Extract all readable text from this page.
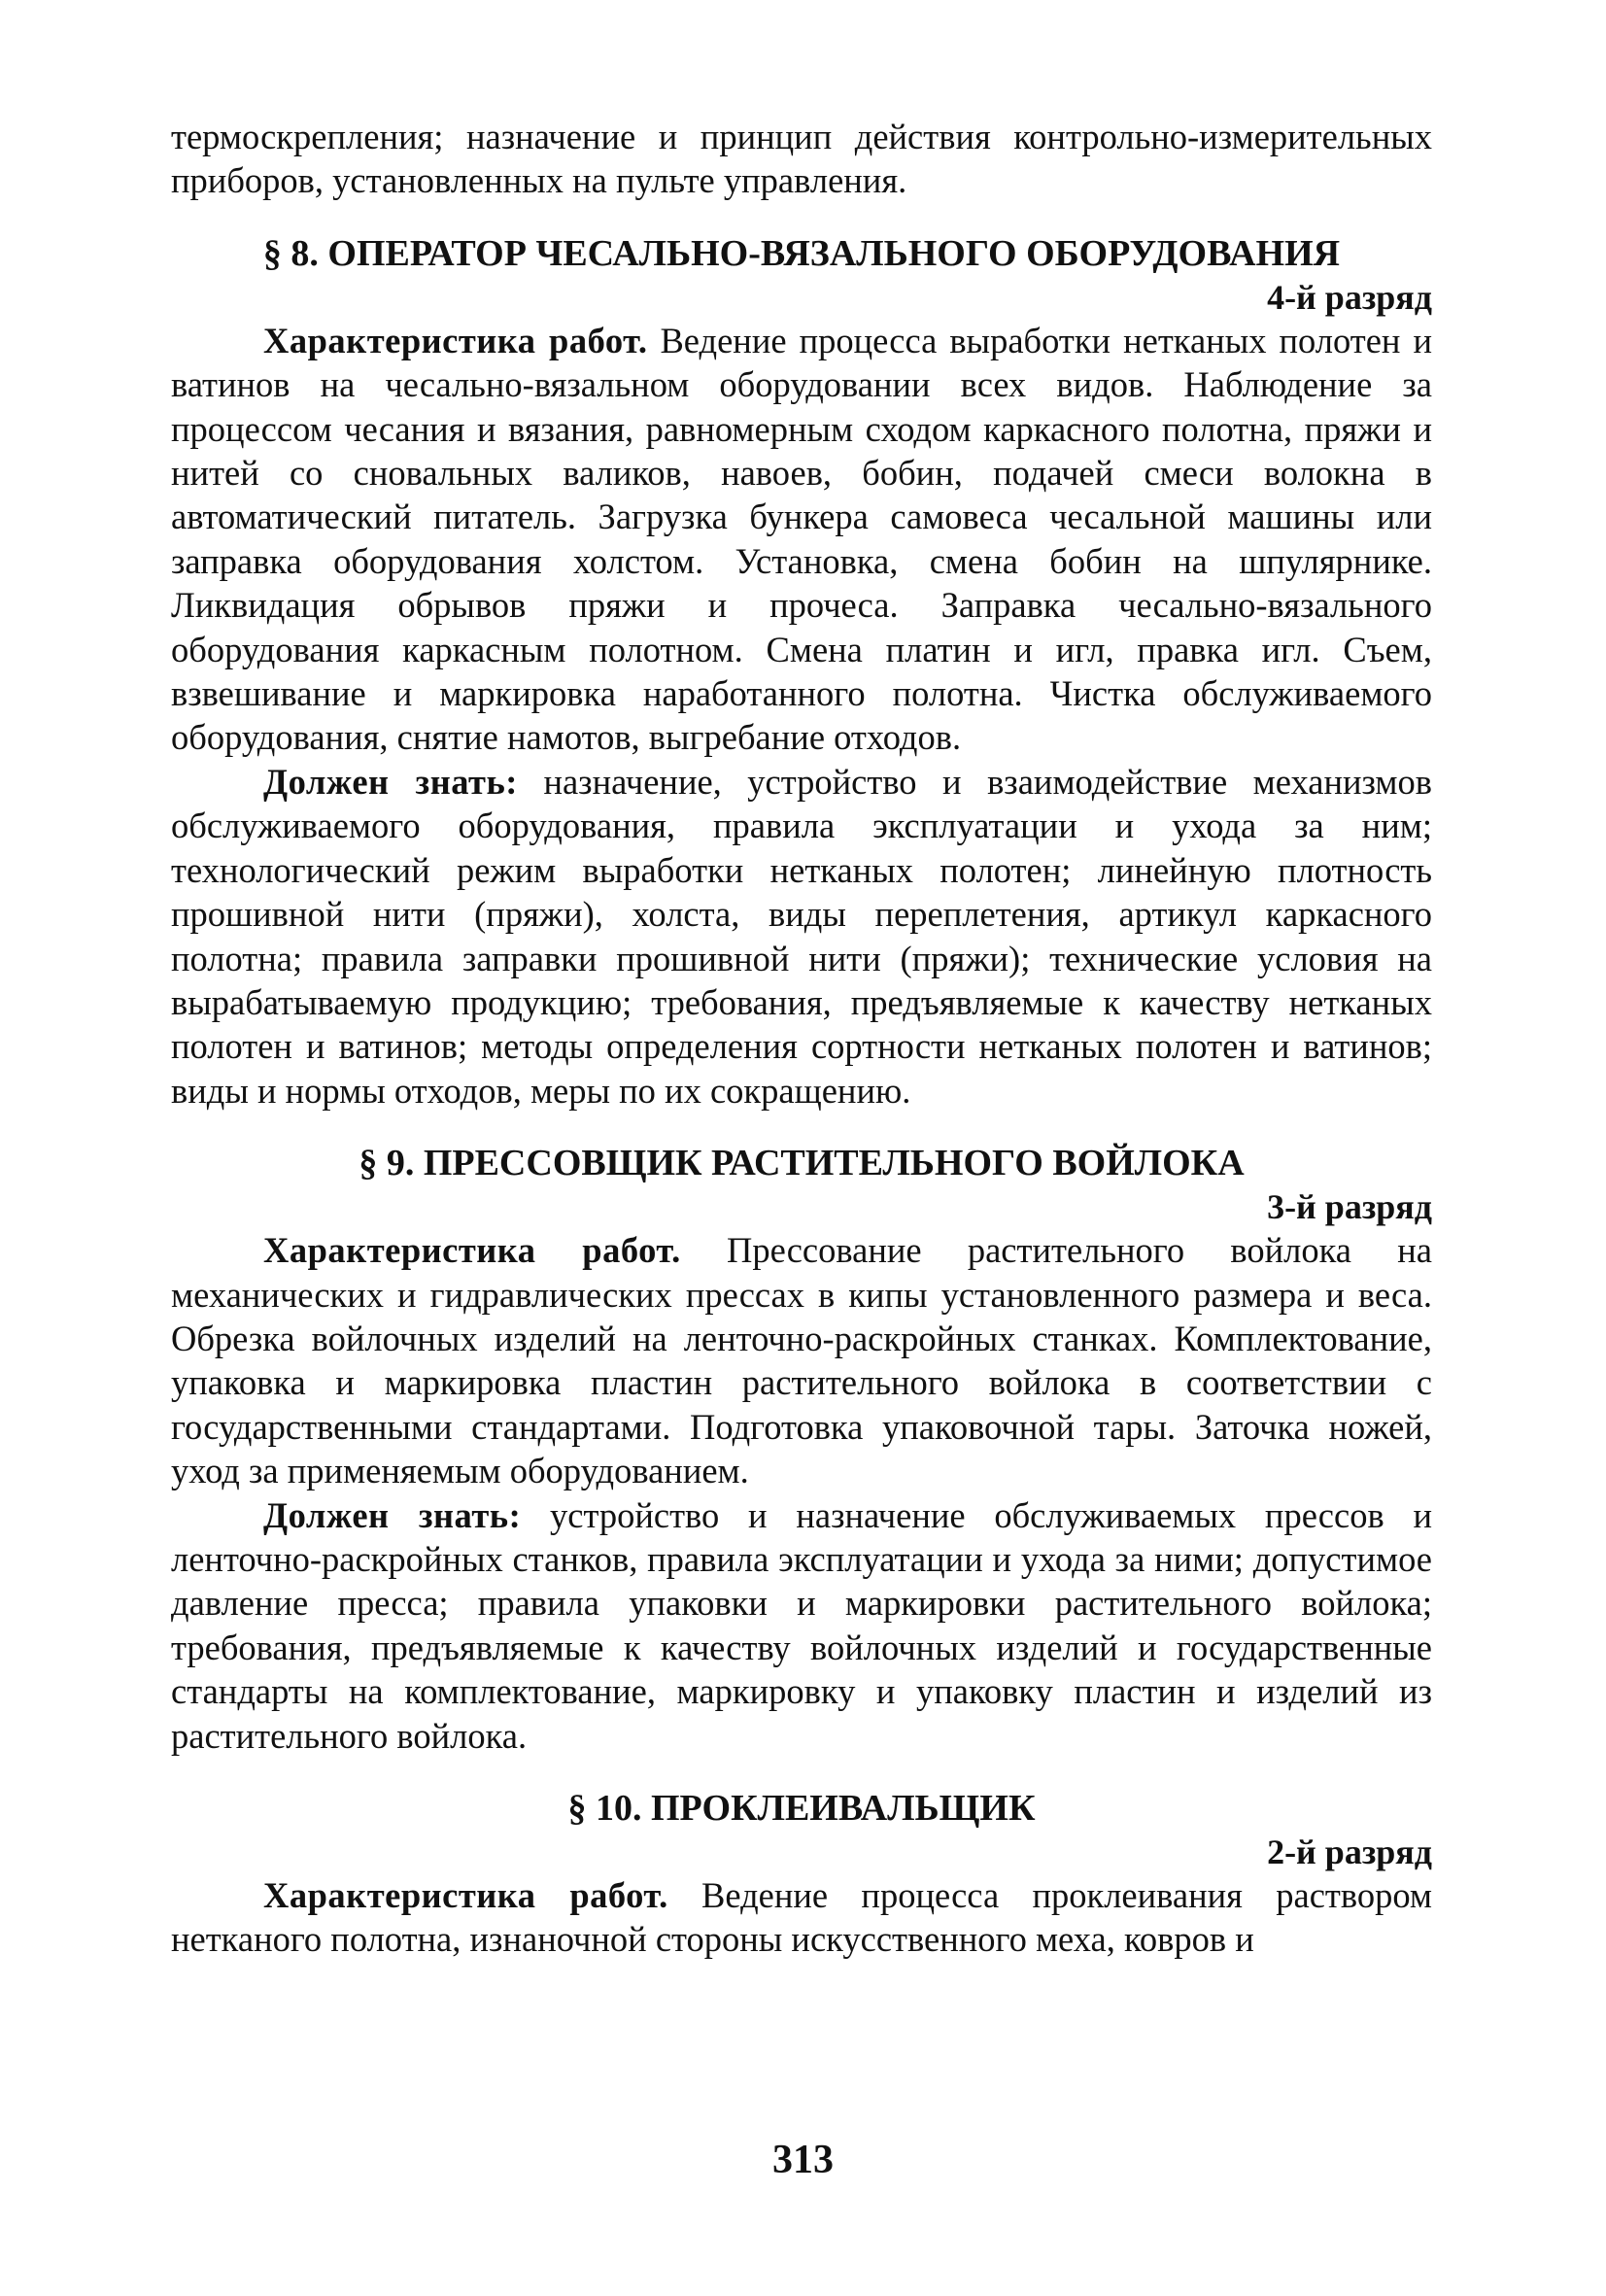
термоскрепления; назначение и принцип действия контрольно-измерительных приборов, установленных на пульте управления.

§ 8. ОПЕРАТОР ЧЕСАЛЬНО-ВЯЗАЛЬНОГО ОБОРУДОВАНИЯ

4-й разряд

Характеристика работ. Ведение процесса выработки нетканых полотен и ватинов на чесально-вязальном оборудовании всех видов. Наблюдение за процессом чесания и вязания, равномерным сходом каркасного полотна, пряжи и нитей со сновальных валиков, навоев, бобин, подачей смеси волокна в автоматический питатель. Загрузка бункера самовеса чесальной машины или заправка оборудования холстом. Установка, смена бобин на шпулярнике. Ликвидация обрывов пряжи и прочеса. Заправка чесально-вязального оборудования каркасным полотном. Смена платин и игл, правка игл. Съем, взвешивание и маркировка наработанного полотна. Чистка обслуживаемого оборудования, снятие намотов, выгребание отходов.

Должен знать: назначение, устройство и взаимодействие механизмов обслуживаемого оборудования, правила эксплуатации и ухода за ним; технологический режим выработки нетканых полотен; линейную плотность прошивной нити (пряжи), холста, виды переплетения, артикул каркасного полотна; правила заправки прошивной нити (пряжи); технические условия на вырабатываемую продукцию; требования, предъявляемые к качеству нетканых полотен и ватинов; методы определения сортности нетканых полотен и ватинов; виды и нормы отходов, меры по их сокращению.

§ 9. ПРЕССОВЩИК РАСТИТЕЛЬНОГО ВОЙЛОКА

3-й разряд

Характеристика работ. Прессование растительного войлока на механических и гидравлических прессах в кипы установленного размера и веса. Обрезка войлочных изделий на ленточно-раскройных станках. Комплектование, упаковка и маркировка пластин растительного войлока в соответствии с государственными стандартами. Подготовка упаковочной тары. Заточка ножей, уход за применяемым оборудованием.

Должен знать: устройство и назначение обслуживаемых прессов и ленточно-раскройных станков, правила эксплуатации и ухода за ними; допустимое давление пресса; правила упаковки и маркировки растительного войлока; требования, предъявляемые к качеству войлочных изделий и государственные стандарты на комплектование, маркировку и упаковку пластин и изделий из растительного войлока.

§ 10. ПРОКЛЕИВАЛЬЩИК

2-й разряд

Характеристика работ. Ведение процесса проклеивания раствором нетканого полотна, изнаночной стороны искусственного меха, ковров и

313
